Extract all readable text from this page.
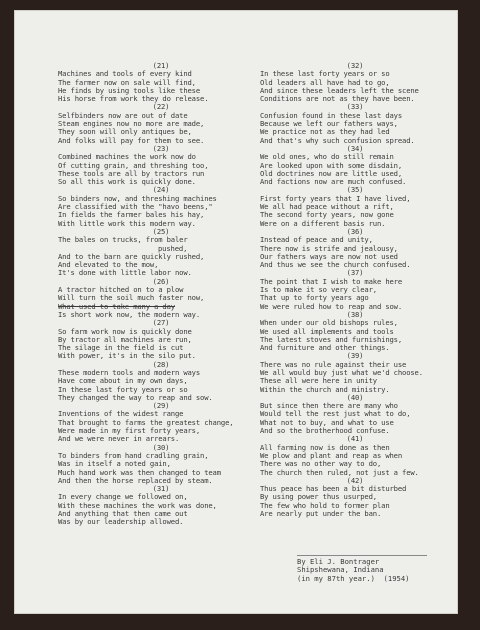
(21)
Machines and tools of every kind
The farmer now on sale will find,
He finds by using tools like these
His horse from work they do release.
(22)
Selfbinders now are out of date
Steam engines now no more are made,
They soon will only antiques be,
And folks will pay for them to see.
(23)
Combined machines the work now do
Of cutting grain, and threshing too,
These tools are all by tractors run
So all this work is quickly done.
(24)
So binders now, and threshing machines
Are classified with the "havo beens,"
In fields the farmer bales his hay,
With little work this modern way.
(25)
The bales on trucks, from baler
pushed,
And to the barn are quickly rushed,
And elevated to the mow,
It's done with little labor now.
(26)
A tractor hitched on to a plow
Will turn the soil much faster now,
What used to take many a day
Is short work now, the modern way.
(27)
So farm work now is quickly done
By tractor all machines are run,
The silage in the field is cut
With power, it's in the silo put.
(28)
These modern tools and modern ways
Have come about in my own days,
In these last forty years or so
They changed the way to reap and sow.
(29)
Inventions of the widest range
That brought to farms the greatest change,
Were made in my first forty years,
And we were never in arrears.
(30)
To binders from hand cradling grain,
Was in itself a noted gain,
Much hand work was then changed to team
And then the horse replaced by steam.
(31)
In every change we followed on,
With these machines the work was done,
And anything that then came out
Was by our leadership allowed.
(32)
In these last forty years or so
Old leaders all have had to go,
And since these leaders left the scene
Conditions are not as they have been.
(33)
Confusion found in these last days
Because we left our fathers ways,
We practice not as they had led
And that's why such confusion spread.
(34)
We old ones, who do still remain
Are looked upon with some disdain,
Old doctrines now are little used,
And factions now are much confused.
(35)
First forty years that I have lived,
We all had peace without a rift,
The second forty years, now gone
Were on a different basis run.
(36)
Instead of peace and unity,
There now is strife and jealousy,
Our fathers ways are now not used
And thus we see the church confused.
(37)
The point that I wish to make here
Is to make it so very clear,
That up to forty years ago
We were ruled how to reap and sow.
(38)
When under our old bishops rules,
We used all implements and tools
The latest stoves and furnishings,
And furniture and other things.
(39)
There was no rule against their use
We all would buy just what we'd choose.
These all were here in unity
Within the church and ministry.
(40)
But since then there are many who
Would tell the rest just what to do,
What not to buy, and what to use
And so the brotherhood confuse.
(41)
All farming now is done as then
We plow and plant and reap as when
There was no other way to do,
The church then ruled, not just a few.
(42)
Thus peace has been a bit disturbed
By using power thus usurped,
The few who hold to former plan
Are nearly put under the ban.
By Eli J. Bontrager
Shipshewana, Indiana
(in my 87th year.)  (1954)
